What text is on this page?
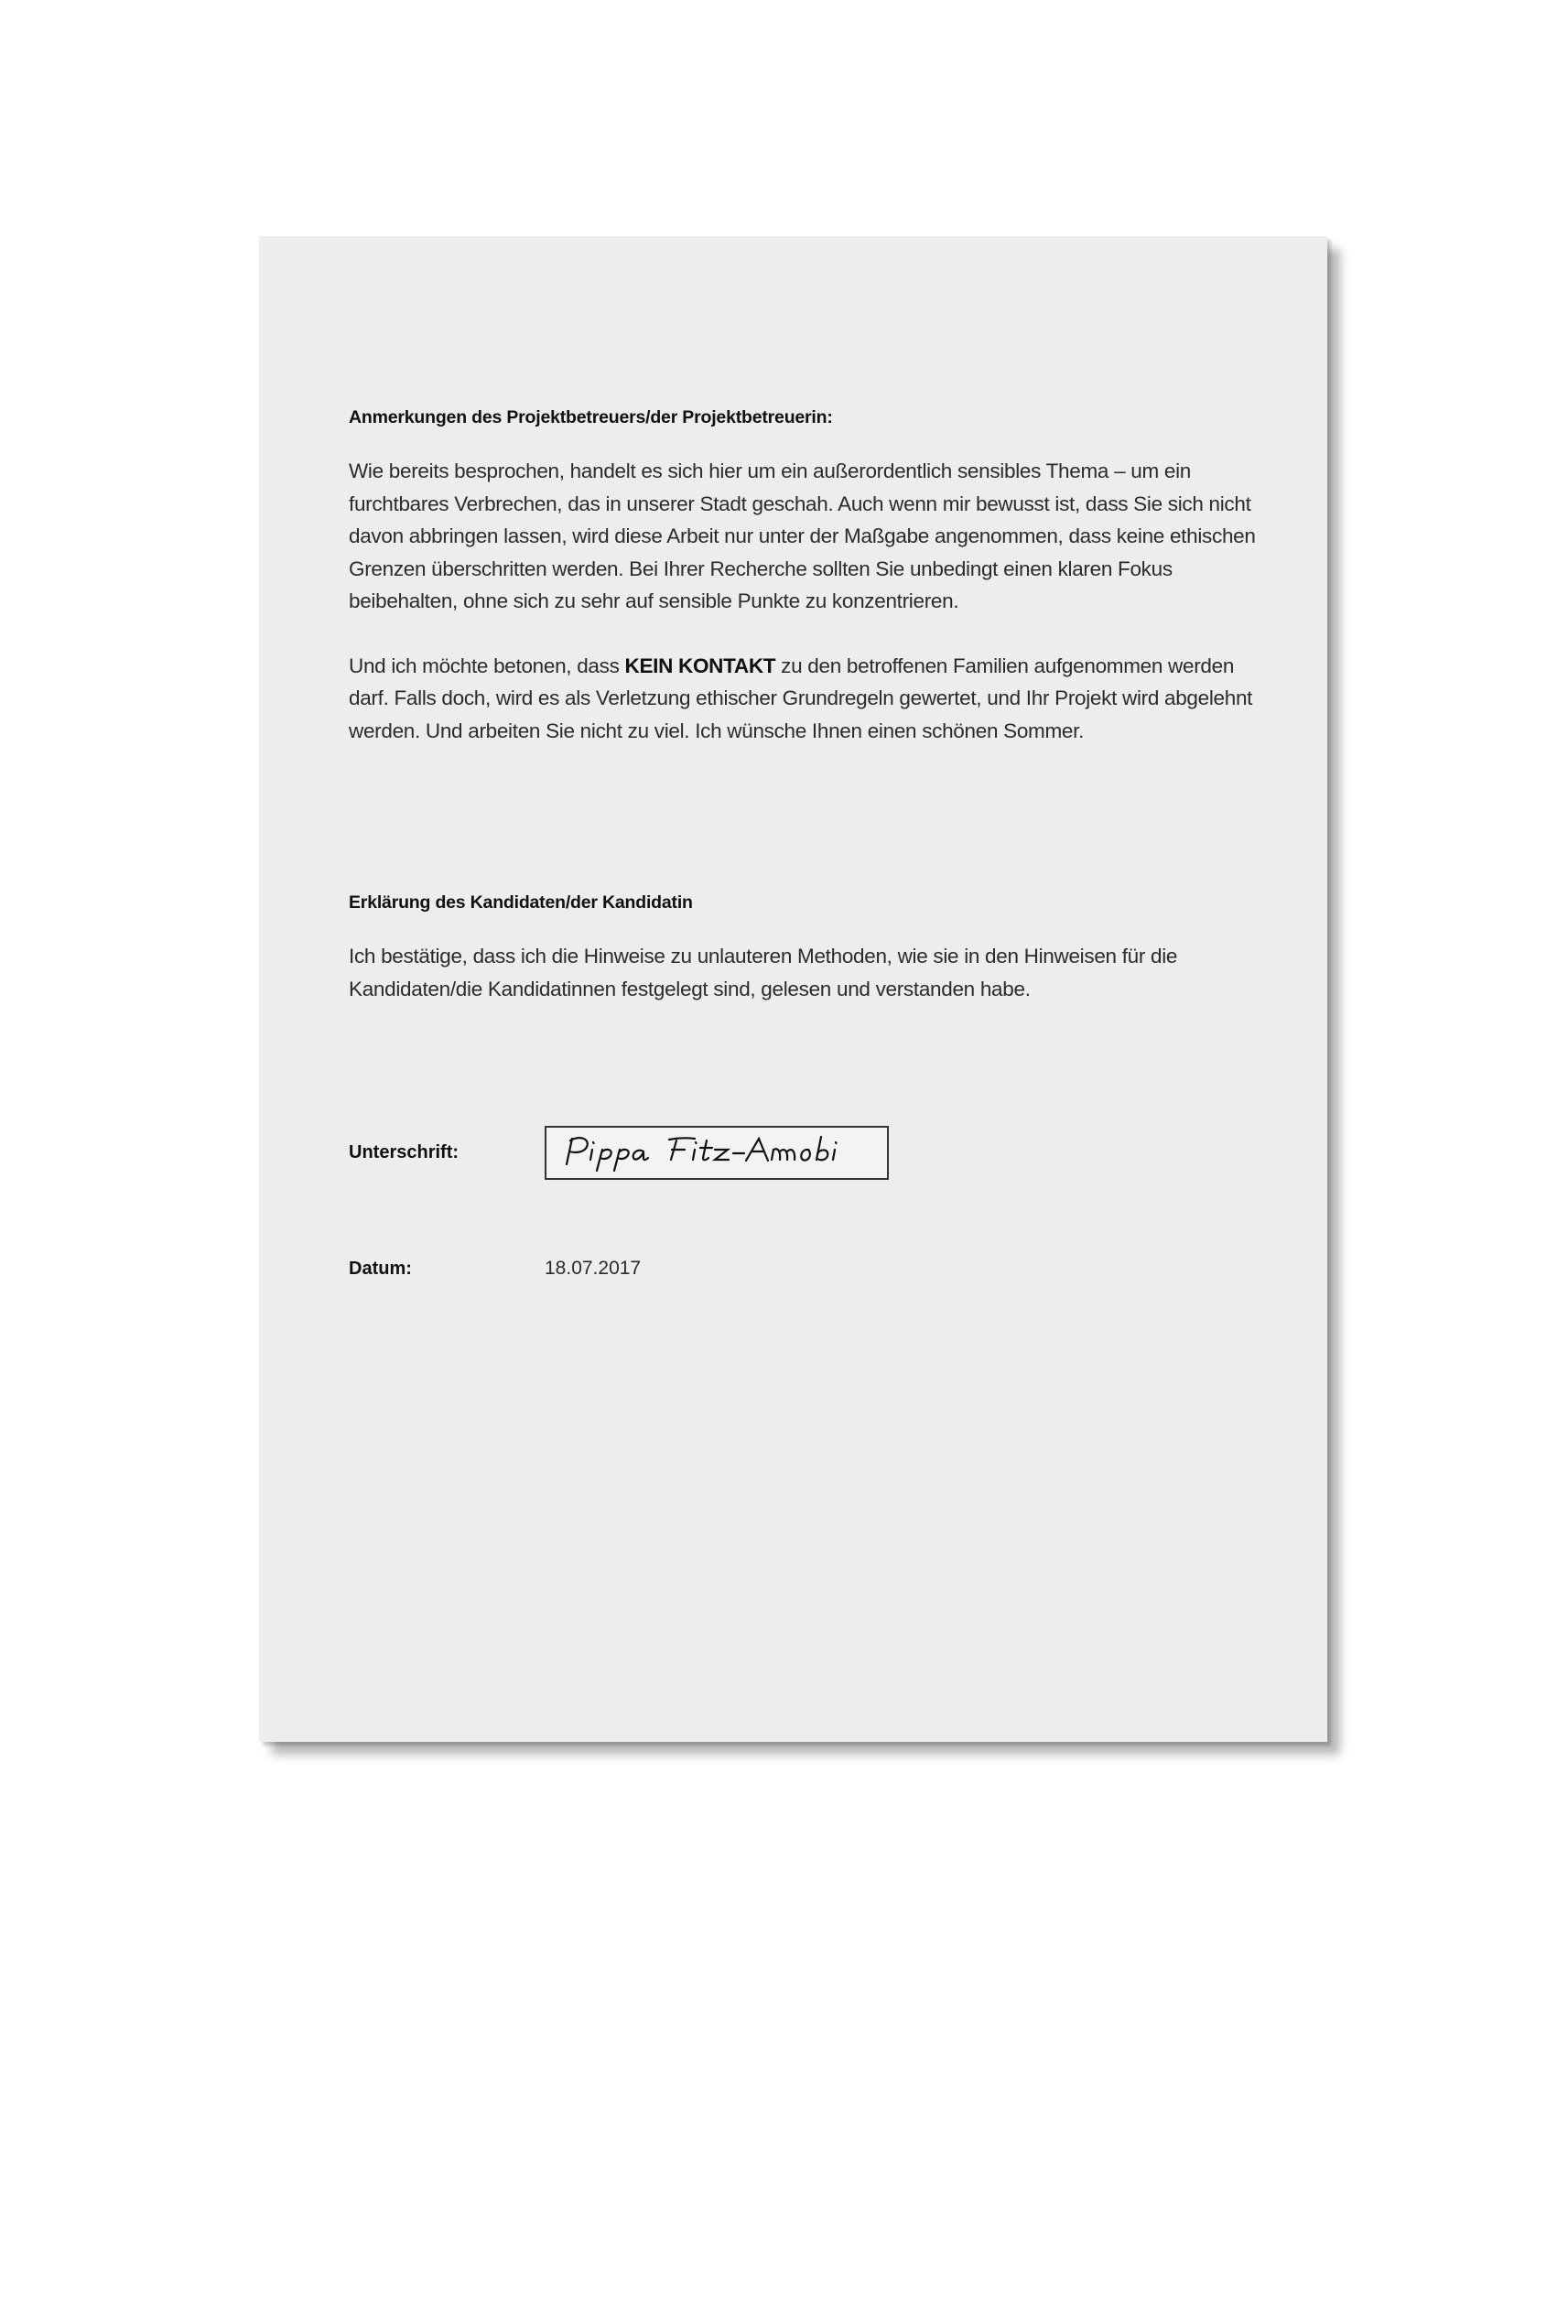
Anmerkungen des Projektbetreuers/der Projektbetreuerin:

Wie bereits besprochen, handelt es sich hier um ein außerordentlich sensibles Thema – um ein furchtbares Verbrechen, das in unserer Stadt geschah. Auch wenn mir bewusst ist, dass Sie sich nicht davon abbringen lassen, wird diese Arbeit nur unter der Maßgabe angenommen, dass keine ethischen Grenzen überschritten werden. Bei Ihrer Recherche sollten Sie unbedingt einen klaren Fokus beibehalten, ohne sich zu sehr auf sensible Punkte zu konzentrieren.

Und ich möchte betonen, dass KEIN KONTAKT zu den betroffenen Familien aufgenommen werden darf. Falls doch, wird es als Verletzung ethischer Grundregeln gewertet, und Ihr Projekt wird abgelehnt werden. Und arbeiten Sie nicht zu viel. Ich wünsche Ihnen einen schönen Sommer.

Erklärung des Kandidaten/der Kandidatin

Ich bestätige, dass ich die Hinweise zu unlauteren Methoden, wie sie in den Hinweisen für die Kandidaten/die Kandidatinnen festgelegt sind, gelesen und verstanden habe.

Unterschrift:
Datum:	18.07.2017
